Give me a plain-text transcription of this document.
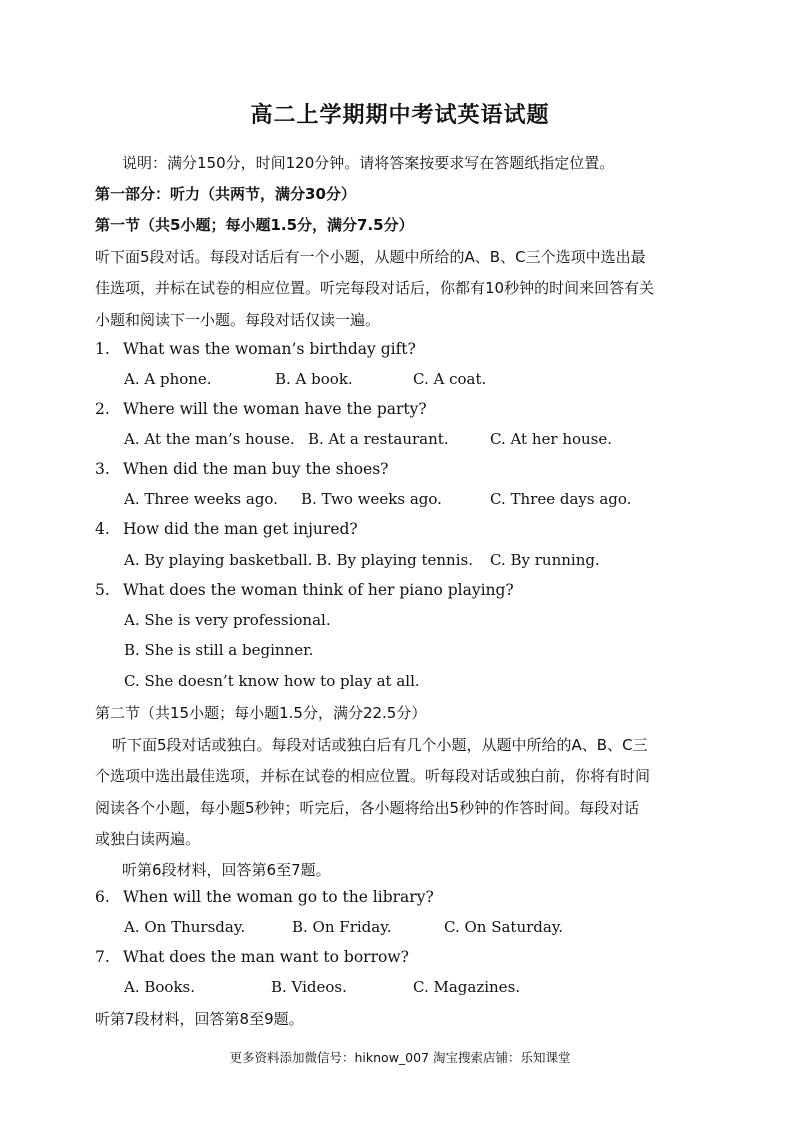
高二上学期期中考试英语试题
说明：满分150分，时间120分钟。请将答案按要求写在答题纸指定位置。
第一部分：听力（共两节，满分30分）
第一节（共5小题；每小题1.5分，满分7.5分）
听下面5段对话。每段对话后有一个小题，从题中所给的A、B、C三个选项中选出最
佳选项，并标在试卷的相应位置。听完每段对话后，你都有10秒钟的时间来回答有关
小题和阅读下一小题。每段对话仅读一遍。
1. What was the woman’s birthday gift?
A. A phone.	B. A book.	C. A coat.
2. Where will the woman have the party?
A. At the man’s house. B. At a restaurant.	C. At her house.
3. When did the man buy the shoes?
A. Three weeks ago. B. Two weeks ago.	C. Three days ago.
4. How did the man get injured?
A. By playing basketball. B. By playing tennis. C. By running.
5. What does the woman think of her piano playing?
A. She is very professional.
B. She is still a beginner.
C. She doesn’t know how to play at all.
第二节（共15小题；每小题1.5分，满分22.5分）
听下面5段对话或独白。每段对话或独白后有几个小题，从题中所给的A、B、C三
个选项中选出最佳选项，并标在试卷的相应位置。听每段对话或独白前，你将有时间
阅读各个小题，每小题5秒钟；听完后，各小题将给出5秒钟的作答时间。每段对话
或独白读两遍。
听第6段材料，回答第6至7题。
6. When will the woman go to the library?
A. On Thursday.	B. On Friday.	C. On Saturday.
7. What does the man want to borrow?
A. Books.	B. Videos.	C. Magazines.
听第7段材料，回答第8至9题。
更多资料添加微信号：hiknow_007 淘宝搜索店铺：乐知课堂
